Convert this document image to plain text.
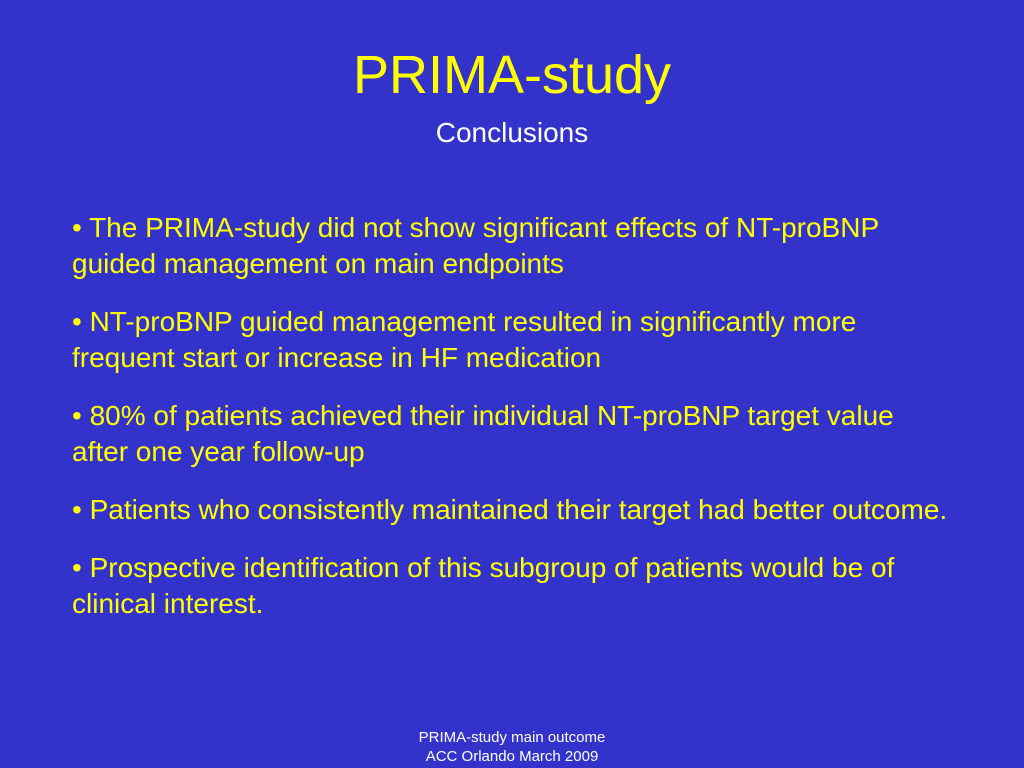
PRIMA-study
Conclusions
• The PRIMA-study did not show significant effects of NT-proBNP guided management on main endpoints
• NT-proBNP guided management resulted in significantly more frequent start or increase in HF medication
• 80% of patients achieved their individual NT-proBNP target value after one year follow-up
• Patients who consistently maintained their target had better outcome.
• Prospective identification of this subgroup of patients would be of clinical interest.
PRIMA-study main outcome
ACC Orlando March 2009
